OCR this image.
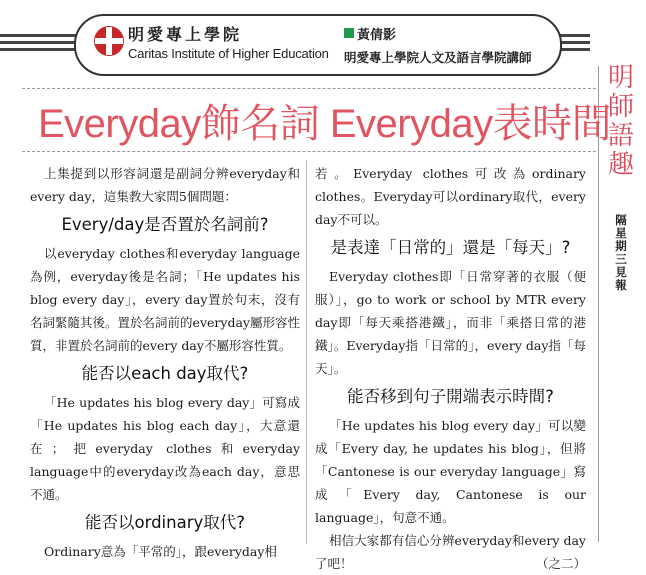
明愛專上學院
Caritas Institute of Higher Education
黃倩影
明愛專上學院人文及語言學院講師
明
師
語
趣
隔
星
期
三
見
報
Everyday飾名詞 Everyday表時間

上集提到以形容詞還是副詞分辨everyday和every day，這集教大家問5個問題：

Every/day是否置於名詞前?

以everyday clothes和everyday language為例，everyday後是名詞；「He updates his blog every day」，every day置於句末，沒有名詞緊隨其後。置於名詞前的everyday屬形容性質，非置於名詞前的every day不屬形容性質。

能否以each day取代?

「He updates his blog every day」可寫成「He updates his blog each day」，大意還在；把everyday clothes和everyday language中的everyday改為each day，意思不通。

能否以ordinary取代?

Ordinary意為「平常的」，跟everyday相

若。Everyday clothes可改為ordinary clothes。Everyday可以ordinary取代，every day不可以。

是表達「日常的」還是「每天」?

Everyday clothes即「日常穿著的衣服（便服）」，go to work or school by MTR every day即「每天乘搭港鐵」，而非「乘搭日常的港鐵」。Everyday指「日常的」，every day指「每天」。

能否移到句子開端表示時間?

「He updates his blog every day」可以變成「Every day, he updates his blog」，但將「Cantonese is our everyday language」寫成「Every day, Cantonese is our language」，句意不通。

相信大家都有信心分辨everyday和every day了吧！	（之二）
